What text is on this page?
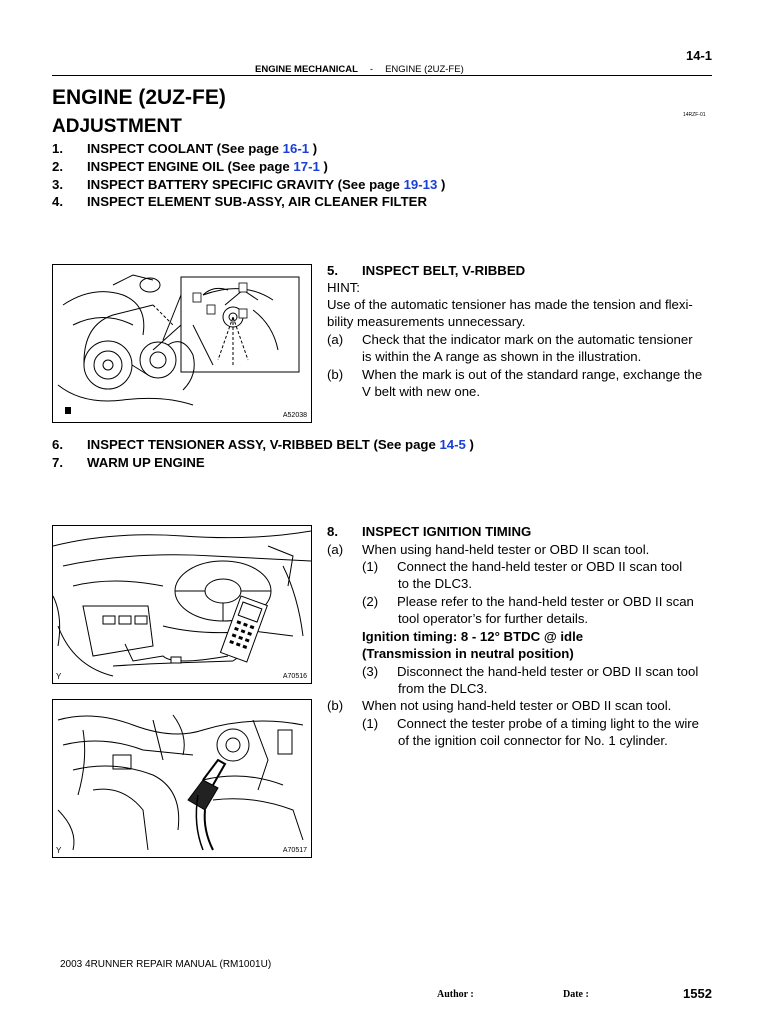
14-1
ENGINE MECHANICAL - ENGINE (2UZ-FE)
ENGINE (2UZ-FE)
ADJUSTMENT
14RZF-01
1. INSPECT COOLANT (See page 16-1 )
2. INSPECT ENGINE OIL (See page 17-1 )
3. INSPECT BATTERY SPECIFIC GRAVITY (See page 19-13 )
4. INSPECT ELEMENT SUB-ASSY, AIR CLEANER FILTER
A52038
5. INSPECT BELT, V-RIBBED
HINT:
Use of the automatic tensioner has made the tension and flexi-
bility measurements unnecessary.
(a) Check that the indicator mark on the automatic tensioner
is within the A range as shown in the illustration.
(b) When the mark is out of the standard range, exchange the
V belt with new one.
6. INSPECT TENSIONER ASSY, V-RIBBED BELT (See page 14-5 )
7. WARM UP ENGINE
Y	A70516
Y	A70517
8. INSPECT IGNITION TIMING
(a) When using hand-held tester or OBD II scan tool.
(1) Connect the hand-held tester or OBD II scan tool
to the DLC3.
(2) Please refer to the hand-held tester or OBD II scan
tool operator’s for further details.
Ignition timing: 8 - 12° BTDC @ idle
(Transmission in neutral position)
(3) Disconnect the hand-held tester or OBD II scan tool
from the DLC3.
(b) When not using hand-held tester or OBD II scan tool.
(1) Connect the tester probe of a timing light to the wire
of the ignition coil connector for No. 1 cylinder.
2003 4RUNNER REPAIR MANUAL (RM1001U)
Author :	Date :	1552
